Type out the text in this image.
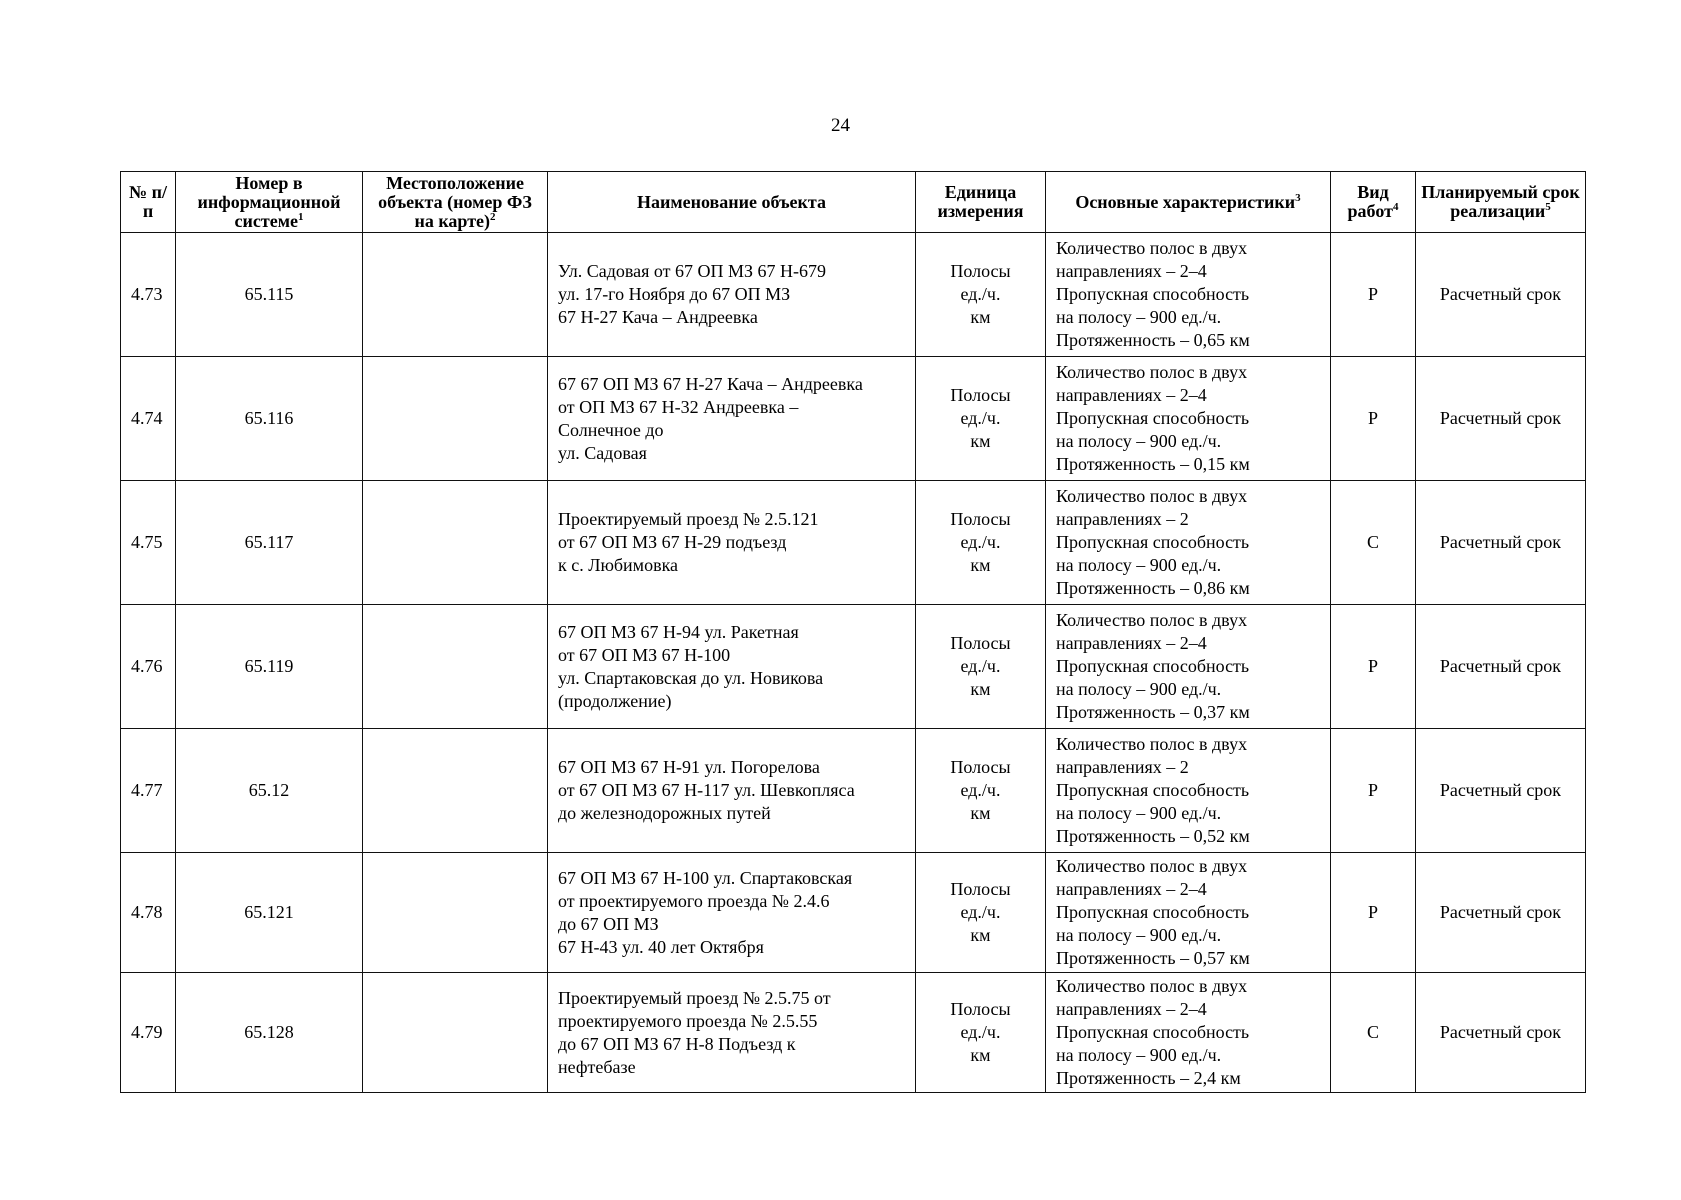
24
№ п/п	Номер в информационной системе$^1$	Местоположение объекта (номер ФЗ на карте)$^2$	Наименование объекта	Единица измерения	Основные характеристики$^3$	Вид работ$^4$	Планируемый срок реализации$^5$
4.73	65.115		Ул. Садовая от 67 ОП МЗ 67 Н-679
ул. 17-го Ноября до 67 ОП МЗ
67 Н-27 Кача – Андреевка	Полосы
ед./ч.
км	Количество полос в двух
направлениях – 2–4
Пропускная способность
на полосу – 900 ед./ч.
Протяженность – 0,65 км	Р	Расчетный срок
4.74	65.116		67 67 ОП МЗ 67 Н-27 Кача – Андреевка
от ОП МЗ 67 Н-32 Андреевка –
Солнечное до
ул. Садовая	Полосы
ед./ч.
км	Количество полос в двух
направлениях – 2–4
Пропускная способность
на полосу – 900 ед./ч.
Протяженность – 0,15 км	Р	Расчетный срок
4.75	65.117		Проектируемый проезд № 2.5.121
от 67 ОП МЗ 67 Н-29 подъезд
к с. Любимовка	Полосы
ед./ч.
км	Количество полос в двух
направлениях – 2
Пропускная способность
на полосу – 900 ед./ч.
Протяженность – 0,86 км	С	Расчетный срок
4.76	65.119		67 ОП МЗ 67 Н-94 ул. Ракетная
от 67 ОП МЗ 67 Н-100
ул. Спартаковская до ул. Новикова
(продолжение)	Полосы
ед./ч.
км	Количество полос в двух
направлениях – 2–4
Пропускная способность
на полосу – 900 ед./ч.
Протяженность – 0,37 км	Р	Расчетный срок
4.77	65.12		67 ОП МЗ 67 Н-91 ул. Погорелова
от 67 ОП МЗ 67 Н-117 ул. Шевкопляса
до железнодорожных путей	Полосы
ед./ч.
км	Количество полос в двух
направлениях – 2
Пропускная способность
на полосу – 900 ед./ч.
Протяженность – 0,52 км	Р	Расчетный срок
4.78	65.121		67 ОП МЗ 67 Н-100 ул. Спартаковская
от проектируемого проезда № 2.4.6
до 67 ОП МЗ
67 Н-43 ул. 40 лет Октября	Полосы
ед./ч.
км	Количество полос в двух
направлениях – 2–4
Пропускная способность
на полосу – 900 ед./ч.
Протяженность – 0,57 км	Р	Расчетный срок
4.79	65.128		Проектируемый проезд № 2.5.75 от
проектируемого проезда № 2.5.55
до 67 ОП МЗ 67 Н-8 Подъезд к
нефтебазе	Полосы
ед./ч.
км	Количество полос в двух
направлениях – 2–4
Пропускная способность
на полосу – 900 ед./ч.
Протяженность – 2,4 км	С	Расчетный срок
